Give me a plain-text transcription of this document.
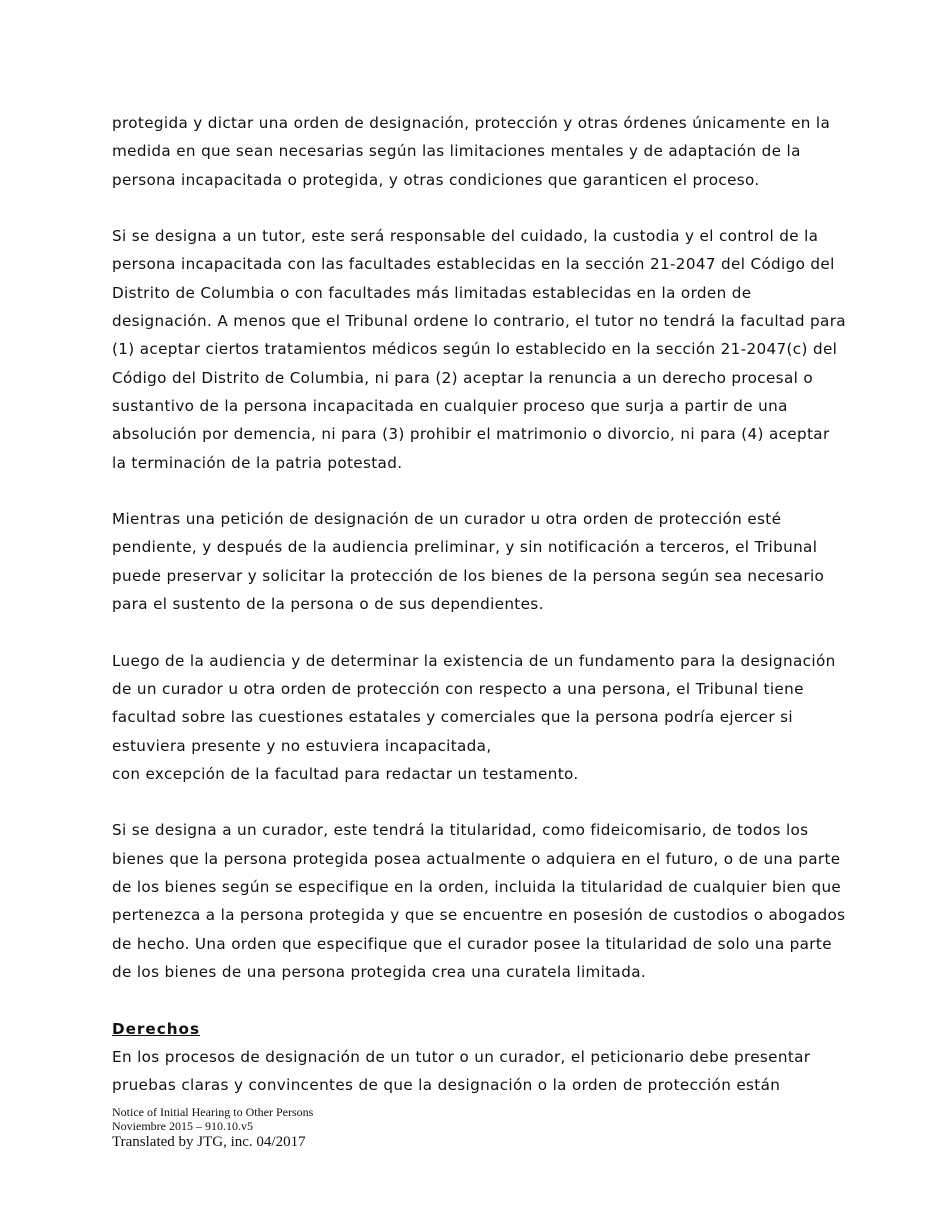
protegida y dictar una orden de designación, protección y otras órdenes únicamente en la
medida en que sean necesarias según las limitaciones mentales y de adaptación de la
persona incapacitada o protegida, y otras condiciones que garanticen el proceso.

Si se designa a un tutor, este será responsable del cuidado, la custodia y el control de la
persona incapacitada con las facultades establecidas en la sección 21-2047 del Código del
Distrito de Columbia o con facultades más limitadas establecidas en la orden de
designación. A menos que el Tribunal ordene lo contrario, el tutor no tendrá la facultad para
(1) aceptar ciertos tratamientos médicos según lo establecido en la sección 21-2047(c) del
Código del Distrito de Columbia, ni para (2) aceptar la renuncia a un derecho procesal o
sustantivo de la persona incapacitada en cualquier proceso que surja a partir de una
absolución por demencia, ni para (3) prohibir el matrimonio o divorcio, ni para (4) aceptar
la terminación de la patria potestad.

Mientras una petición de designación de un curador u otra orden de protección esté
pendiente, y después de la audiencia preliminar, y sin notificación a terceros, el Tribunal
puede preservar y solicitar la protección de los bienes de la persona según sea necesario
para el sustento de la persona o de sus dependientes.

Luego de la audiencia y de determinar la existencia de un fundamento para la designación
de un curador u otra orden de protección con respecto a una persona, el Tribunal tiene
facultad sobre las cuestiones estatales y comerciales que la persona podría ejercer si
estuviera presente y no estuviera incapacitada,
con excepción de la facultad para redactar un testamento.

Si se designa a un curador, este tendrá la titularidad, como fideicomisario, de todos los
bienes que la persona protegida posea actualmente o adquiera en el futuro, o de una parte
de los bienes según se especifique en la orden, incluida la titularidad de cualquier bien que
pertenezca a la persona protegida y que se encuentre en posesión de custodios o abogados
de hecho. Una orden que especifique que el curador posee la titularidad de solo una parte
de los bienes de una persona protegida crea una curatela limitada.

Derechos

En los procesos de designación de un tutor o un curador, el peticionario debe presentar
pruebas claras y convincentes de que la designación o la orden de protección están

Notice of Initial Hearing to Other Persons
Noviembre 2015 – 910.10.v5
Translated by JTG, inc. 04/2017
